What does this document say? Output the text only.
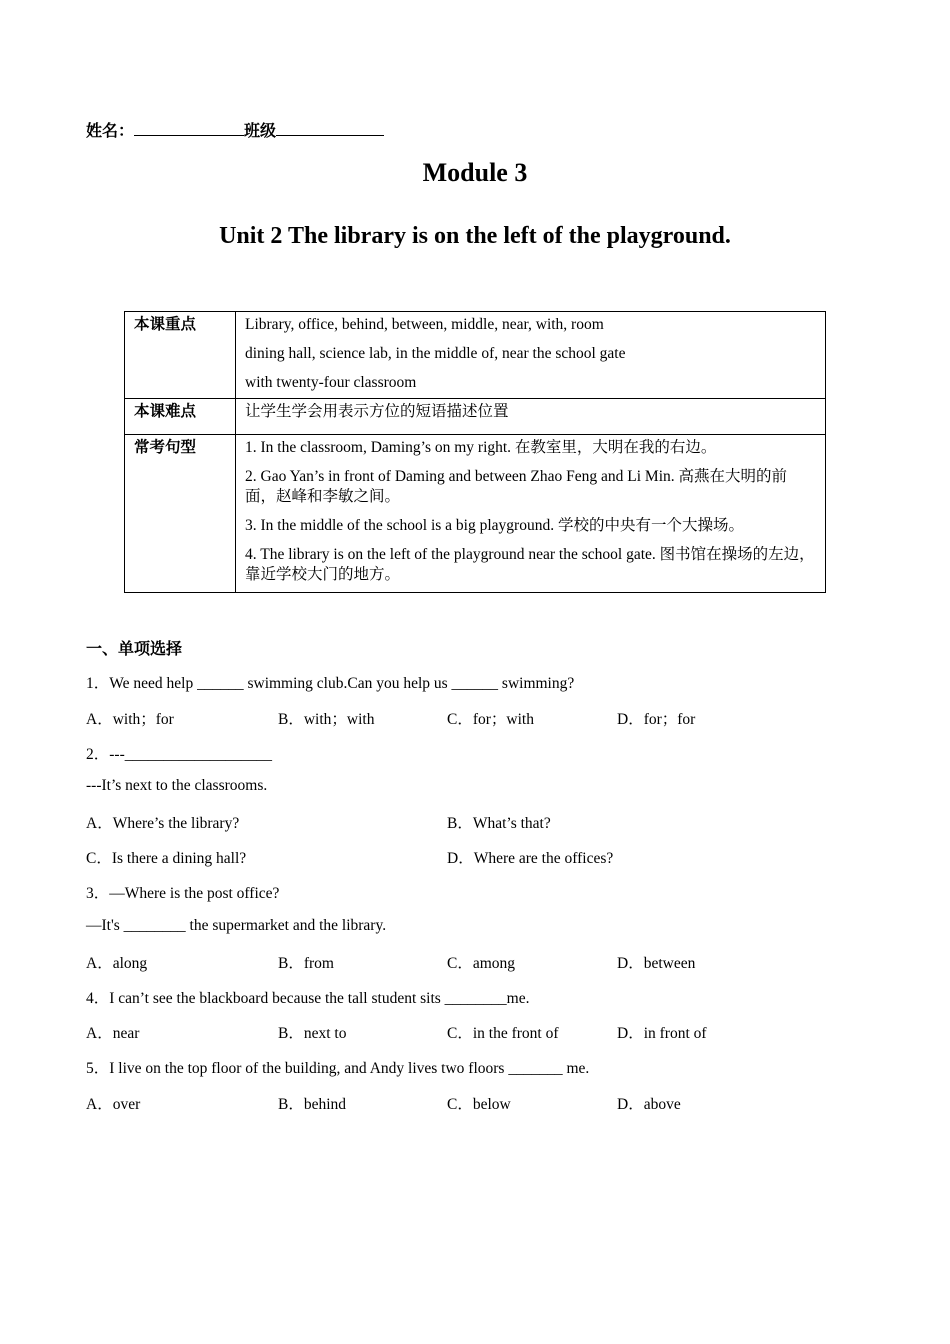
姓名：	班级
Module 3
Unit 2 The library is on the left of the playground.
本课重点	Library, office, behind, between, middle, near, with, room
dining hall, science lab, in the middle of, near the school gate
with twenty-four classroom

本课难点	让学生学会用表示方位的短语描述位置

常考句型	1. In the classroom, Daming’s on my right. 在教室里，大明在我的右边。
2. Gao Yan’s in front of Daming and between Zhao Feng and Li Min. 高燕在大明的前面，赵峰和李敏之间。
3. In the middle of the school is a big playground. 学校的中央有一个大操场。
4. The library is on the left of the playground near the school gate. 图书馆在操场的左边，靠近学校大门的地方。
一、单项选择
1．We need help ______ swimming club.Can you help us ______ swimming?
A．with；for	B．with；with	C．for；with	D．for；for
2．---___________________
---It’s next to the classrooms.
A．Where’s the library?	B．What’s that?
C．Is there a dining hall?	D．Where are the offices?
3．—Where is the post office?
—It's ________ the supermarket and the library.
A．along	B．from	C．among	D．between
4．I can’t see the blackboard because the tall student sits ________me.
A．near	B．next to	C．in the front of	D．in front of
5．I live on the top floor of the building, and Andy lives two floors _______ me.
A．over	B．behind	C．below	D．above
